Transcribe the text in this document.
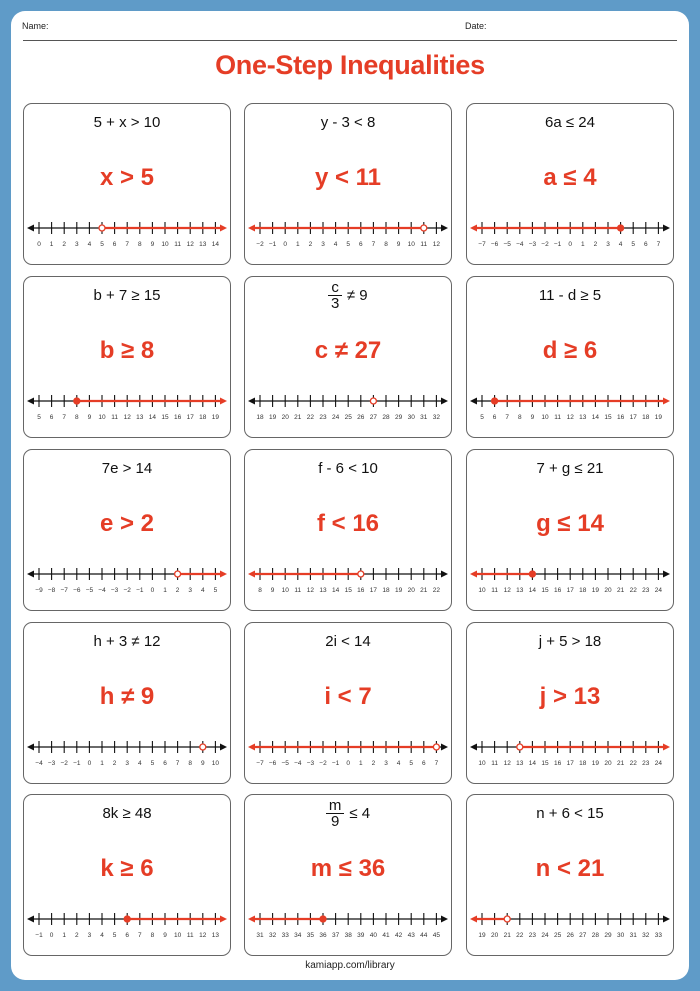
Name:	Date:
One-Step Inequalities
5 + x > 10
x > 5
0 1 2 3 4 5 6 7 8 9 10 11 12 13 14
y - 3 < 8
y < 11
−2 −1 0 1 2 3 4 5 6 7 8 9 10 11 12
6a ≤ 24
a ≤ 4
−7 −6 −5 −4 −3 −2 −1 0 1 2 3 4 5 6 7
b + 7 ≥ 15
b ≥ 8
5 6 7 8 9 10 11 12 13 14 15 16 17 18 19
$\frac{c}{3} \ne 9$
c ≠ 27
18 19 20 21 22 23 24 25 26 27 28 29 30 31 32
11 - d ≥ 5
d ≥ 6
5 6 7 8 9 10 11 12 13 14 15 16 17 18 19
7e > 14
e > 2
−9 −8 −7 −6 −5 −4 −3 −2 −1 0 1 2 3 4 5
f - 6 < 10
f < 16
8 9 10 11 12 13 14 15 16 17 18 19 20 21 22
7 + g ≤ 21
g ≤ 14
10 11 12 13 14 15 16 17 18 19 20 21 22 23 24
h + 3 ≠ 12
h ≠ 9
−4 −3 −2 −1 0 1 2 3 4 5 6 7 8 9 10
2i < 14
i < 7
−7 −6 −5 −4 −3 −2 −1 0 1 2 3 4 5 6 7
j + 5 > 18
j > 13
10 11 12 13 14 15 16 17 18 19 20 21 22 23 24
8k ≥ 48
k ≥ 6
−1 0 1 2 3 4 5 6 7 8 9 10 11 12 13
$\frac{m}{9} \le 4$
m ≤ 36
31 32 33 34 35 36 37 38 39 40 41 42 43 44 45
n + 6 < 15
n < 21
19 20 21 22 23 24 25 26 27 28 29 30 31 32 33
kamiapp.com/library
